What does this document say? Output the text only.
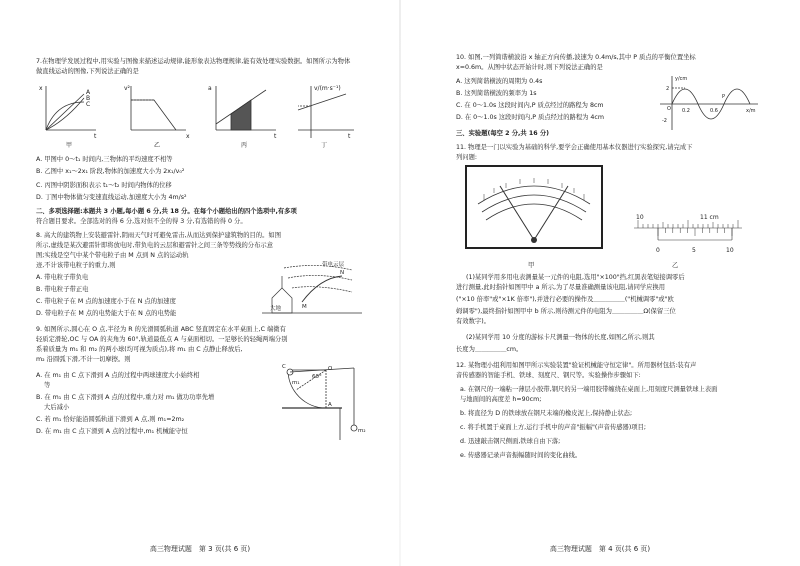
7.在物理学发展过程中,用实验与图像来描述运动规律,能形象表达物理规律,能有效处理实验数据。如图所示为物体
做直线运动的图像,下列说法正确的是
x
t
A
B
C
v²
x
a
t
v/(m·s⁻¹)
t
甲	乙	丙	丁
A. 甲图中 0～t₁ 时间内,三物体的平均速度不相等
B. 乙图中 x₁～2x₁ 阶段,物体的加速度大小为 2x₁/v₀²
C. 丙图中阴影面积表示 t₁～t₂ 时间内物体的位移
D. 丁图中物体做匀变速直线运动,加速度大小为 4m/s²
二、多项选择题:本题共 3 小题,每小题 6 分,共 18 分。在每个小题给出的四个选项中,有多项
符合题目要求。全部选对的得 6 分,选对但不全的得 3 分,有选错的得 0 分。
8. 高大的建筑物上安装避雷针,阴雨天气时可避免雷击,从而达到保护建筑物的目的。如图
所示,虚线是某次避雷针即将放电时,带负电的云层和避雷针之间三条等势线的分布示意
图;实线是空气中某个带电粒子由 M 点到 N 点的运动轨
迹,不计该带电粒子的重力,则
A. 带电粒子带负电
B. 带电粒子带正电
C. 带电粒子在 M 点的加速度小于在 N 点的加速度
D. 带电粒子在 M 点的电势能大于在 N 点的电势能
带电云层
大地	M
N
9. 如图所示,圆心在 O 点,半径为 R 的光滑圆弧轨道 ABC 竖直固定在水平桌面上,C 端微有
轻质定滑轮,OC 与 OA 的夹角为 60°,轨道最低点 A 与桌面相切。一足够长的轻绳两端分别
系着质量为 m₁ 和 m₂ 的两小球(均可视为质点),将 m₁ 由 C 点静止释放后,
m₂ 沿圆弧下滑,不计一切摩擦。则
A. 在 m₁ 由 C 点下滑到 A 点的过程中两球速度大小始终相
等
B. 在 m₁ 由 C 点下滑到 A 点的过程中,重力对 m₁ 做功功率先增
大后减小
C. 若 m₁ 恰好能沿圆弧轨道下滑到 A 点,则 m₁=2m₂
D. 在 m₁ 由 C 点下滑到 A 点的过程中,m₁ 机械能守恒
O
C
A
60°
m₁
m₂
高三物理试题　第 3 页(共 6 页)
10. 如图,一列简谐横波沿 x 轴正方向传播,波速为 0.4m/s,其中 P 质点的平衡位置坐标
x=0.6m。从图中状态开始计时,则下列说法正确的是
A. 这列简谐横波的周期为 0.4s
B. 这列简谐横波的频率为 1s
C. 在 0～1.0s 这段时间内,P 质点经过的路程为 8cm
D. 在 0～1.0s 这段时间内,P 质点经过的路程为 4cm
y/cm
x/m
2
-2
0.2	0.6
P
O
三、实验题(每空 2 分,共 16 分)
11. 物理是一门以实验为基础的科学,要学会正确使用基本仪器进行实验探究,请完成下
列问题:
甲
10	11 cm
0	5	10
乙
(1)某同学用多用电表测量某一元件的电阻,选用"×100"挡,红黑表笔短接调零后
进行测量,此时指针如图甲中 a 所示,为了尽量准确测量该电阻,请同学应换用
("×10 倍率"或"×1K 倍率"),并进行必要的操作及＿＿＿＿＿("机械调零"或"欧
姆调零"),最终指针如图甲中 b 所示,则待测元件的电阻为＿＿＿＿＿Ω(保留三位
有效数字)。
(2)某同学用 10 分度的游标卡尺测量一物体的长度,如图乙所示,则其
长度为＿＿＿＿＿cm。
12. 某物理小组利用如图甲所示实验装置"验证机械能守恒定律"。所用器材包括:装有声
音传感器的智能手机、铁球、刻度尺、钢尺等。实验操作步骤如下:
a. 在钢尺的一端粘一薄层小胶带,钢尺的另一端用胶带缠绕在桌面上,用刻度尺测量铁球上表面
与地面间的高度差 h=90cm;
b. 将直径为 D 的铁球放在钢尺末端的橡皮泥上,保持静止状态;
c. 将手机置于桌面上方,运行手机中的声音"振幅"(声音传感器)项目;
d. 迅速敲击钢尺侧面,铁球自由下落;
e. 传感器记录声音振幅随时间的变化曲线。
高三物理试题　第 4 页(共 6 页)
